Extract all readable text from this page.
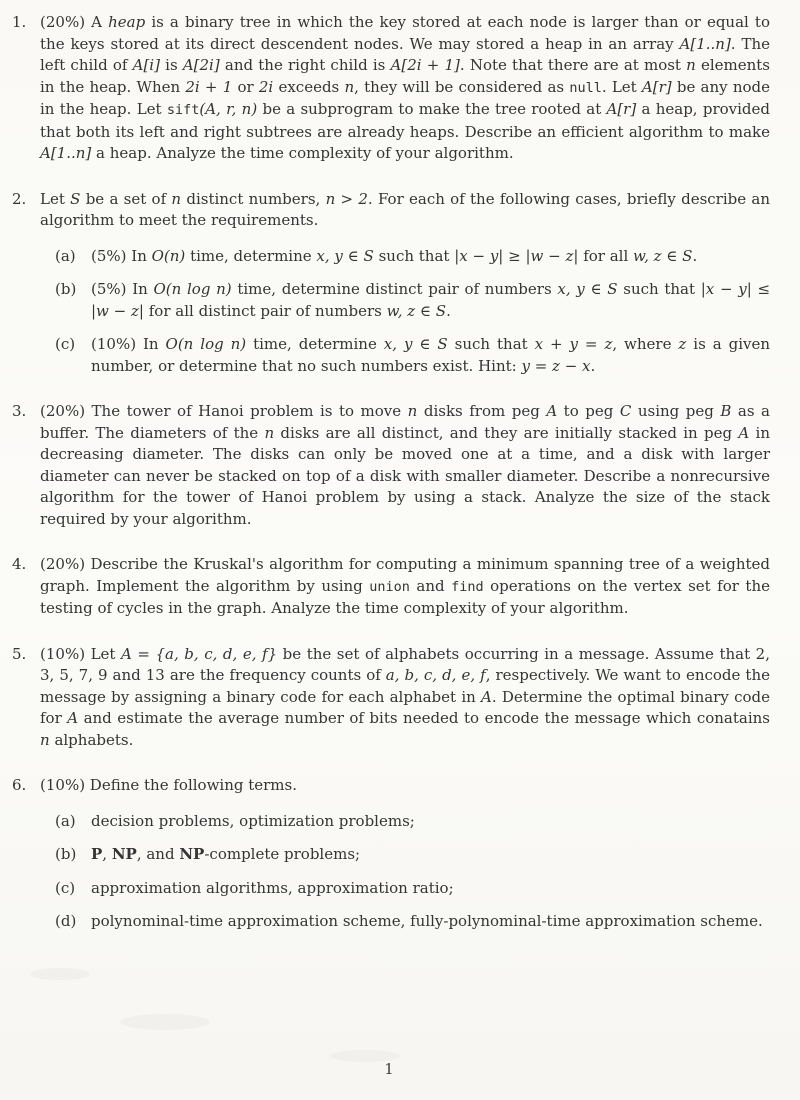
1. (20%) A heap is a binary tree in which the key stored at each node is larger than or equal to the keys stored at its direct descendent nodes. We may stored a heap in an array A[1..n]. The left child of A[i] is A[2i] and the right child is A[2i + 1]. Note that there are at most n elements in the heap. When 2i + 1 or 2i exceeds n, they will be considered as null. Let A[r] be any node in the heap. Let sift(A, r, n) be a subprogram to make the tree rooted at A[r] a heap, provided that both its left and right subtrees are already heaps. Describe an efficient algorithm to make A[1..n] a heap. Analyze the time complexity of your algorithm.
2. Let S be a set of n distinct numbers, n > 2. For each of the following cases, briefly describe an algorithm to meet the requirements.
(a)	(5%) In O(n) time, determine x, y ∈ S such that |x − y| ≥ |w − z| for all w, z ∈ S.
(b) (5%) In O(n log n) time, determine distinct pair of numbers x, y ∈ S such that |x − y| ≤ |w − z| for all distinct pair of numbers w, z ∈ S.
(c)	(10%) In O(n log n) time, determine x, y ∈ S such that x + y = z, where z is a given number, or determine that no such numbers exist. Hint: y = z − x.
3. (20%) The tower of Hanoi problem is to move n disks from peg A to peg C using peg B as a buffer. The diameters of the n disks are all distinct, and they are initially stacked in peg A in decreasing diameter. The disks can only be moved one at a time, and a disk with larger diameter can never be stacked on top of a disk with smaller diameter. Describe a nonrecursive algorithm for the tower of Hanoi problem by using a stack. Analyze the size of the stack required by your algorithm.
4. (20%) Describe the Kruskal's algorithm for computing a minimum spanning tree of a weighted graph. Implement the algorithm by using union and find operations on the vertex set for the testing of cycles in the graph. Analyze the time complexity of your algorithm.
5. (10%) Let A = {a, b, c, d, e, f} be the set of alphabets occurring in a message. Assume that 2, 3, 5, 7, 9 and 13 are the frequency counts of a, b, c, d, e, f, respectively. We want to encode the message by assigning a binary code for each alphabet in A. Determine the optimal binary code for A and estimate the average number of bits needed to encode the message which conatains n alphabets.
6. (10%) Define the following terms.
(a)	decision problems, optimization problems;
(b) P, NP, and NP-complete problems;
(c)	approximation algorithms, approximation ratio;
(d) polynominal-time approximation scheme, fully-polynominal-time approximation scheme.
1
